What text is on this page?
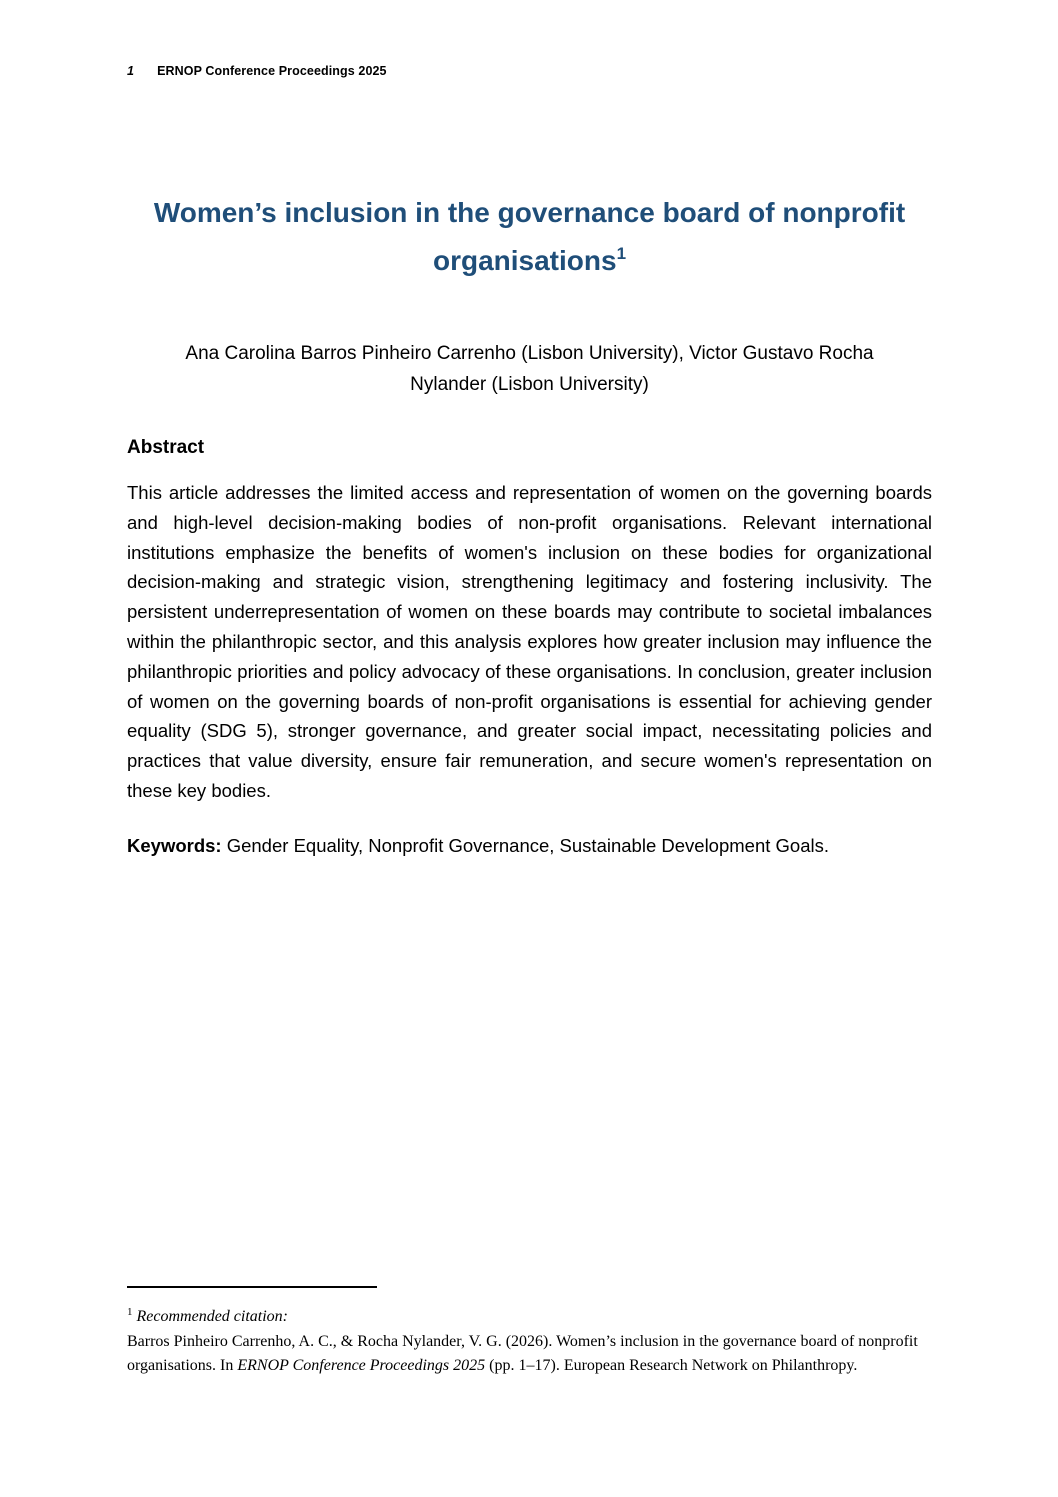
1 ERNOP Conference Proceedings 2025
Women’s inclusion in the governance board of nonprofit
organisations$^1$
Ana Carolina Barros Pinheiro Carrenho (Lisbon University), Victor Gustavo Rocha
Nylander (Lisbon University)
Abstract
This article addresses the limited access and representation of women on the governing boards and high-level decision-making bodies of non-profit organisations. Relevant international institutions emphasize the benefits of women's inclusion on these bodies for organizational decision-making and strategic vision, strengthening legitimacy and fostering inclusivity. The persistent underrepresentation of women on these boards may contribute to societal imbalances within the philanthropic sector, and this analysis explores how greater inclusion may influence the philanthropic priorities and policy advocacy of these organisations. In conclusion, greater inclusion of women on the governing boards of non-profit organisations is essential for achieving gender equality (SDG 5), stronger governance, and greater social impact, necessitating policies and practices that value diversity, ensure fair remuneration, and secure women's representation on these key bodies.
Keywords: Gender Equality, Nonprofit Governance, Sustainable Development Goals.
$^1$ Recommended citation:
Barros Pinheiro Carrenho, A. C., & Rocha Nylander, V. G. (2026). Women’s inclusion in the governance board of nonprofit organisations. In ERNOP Conference Proceedings 2025 (pp. 1–17). European Research Network on Philanthropy.
